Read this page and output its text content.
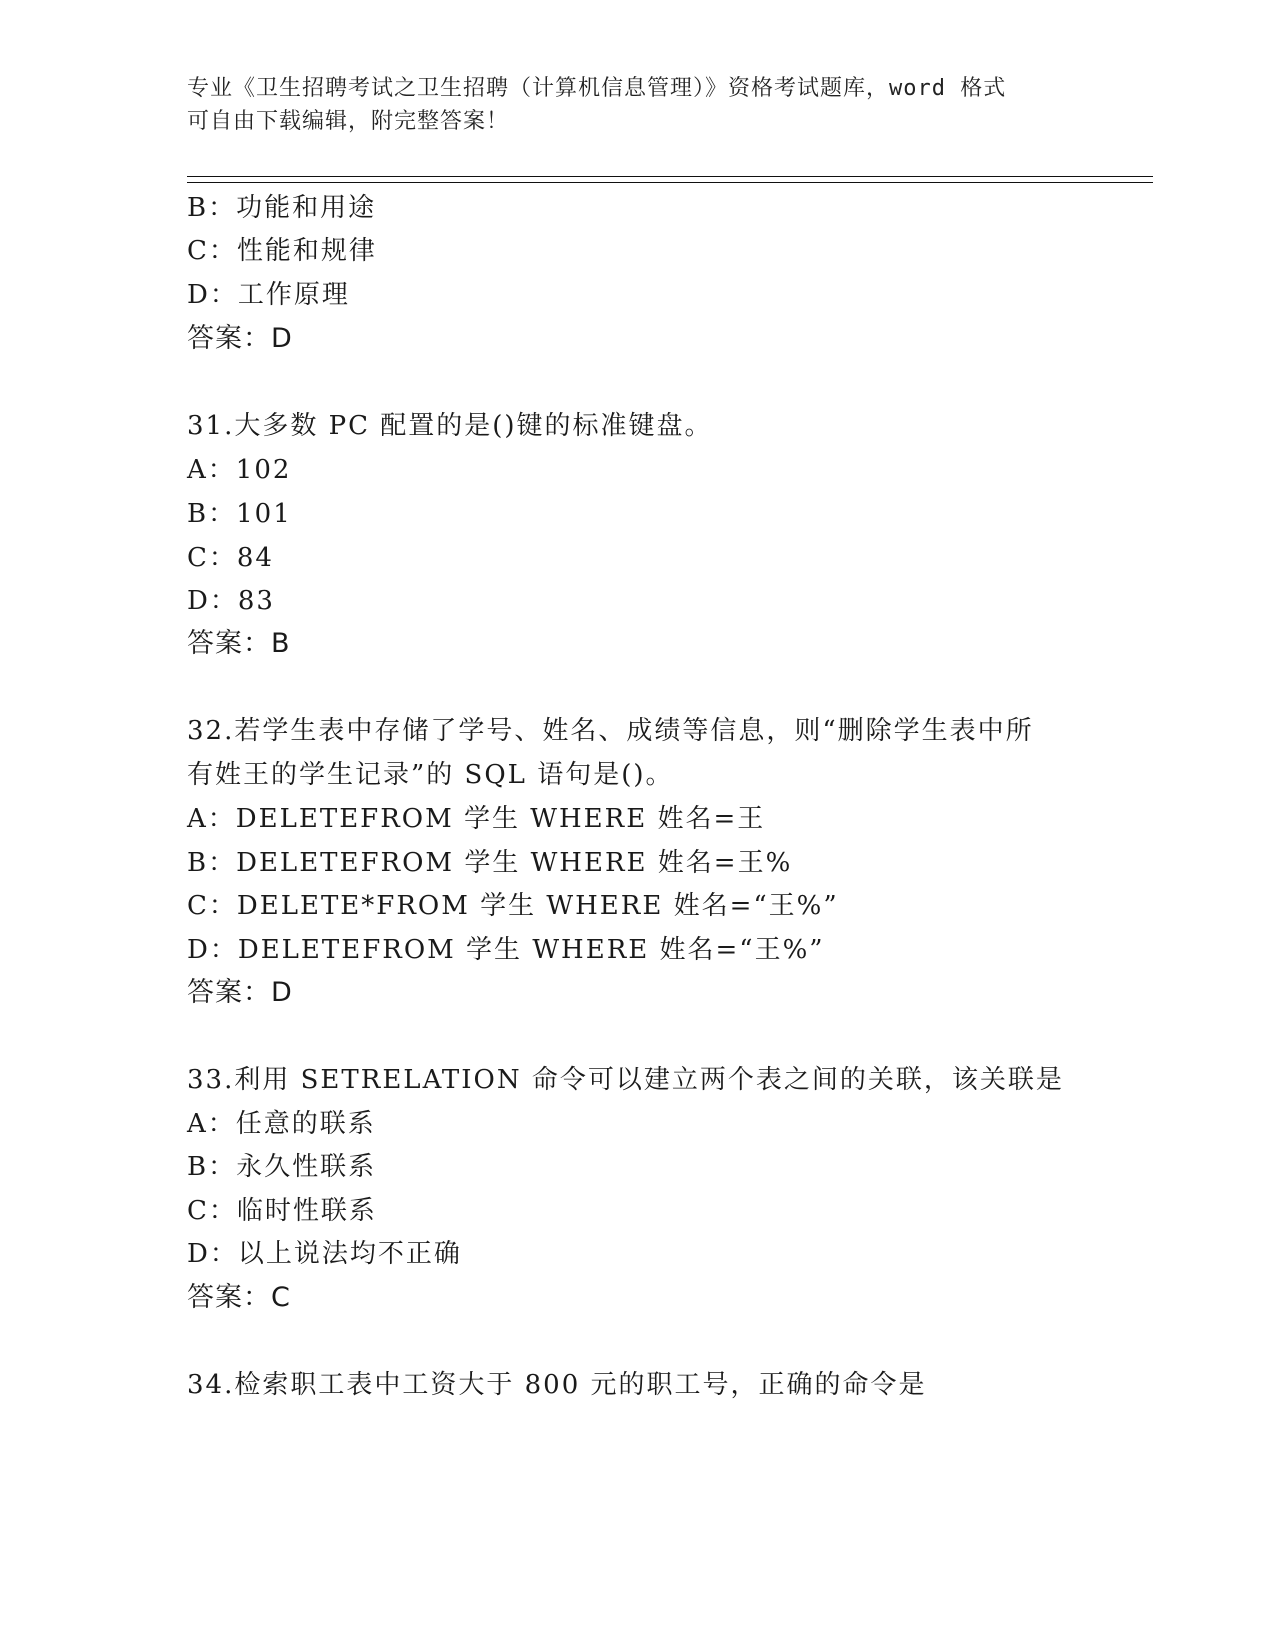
专业《卫生招聘考试之卫生招聘（计算机信息管理）》资格考试题库，word 格式
可自由下载编辑，附完整答案！
B：功能和用途
C：性能和规律
D：工作原理
答案：D
31.大多数 PC 配置的是()键的标准键盘。
A：102
B：101
C：84
D：83
答案：B
32.若学生表中存储了学号、姓名、成绩等信息，则“删除学生表中所
有姓王的学生记录”的 SQL 语句是()。
A：DELETEFROM 学生 WHERE 姓名=王
B：DELETEFROM 学生 WHERE 姓名=王%
C：DELETE*FROM 学生 WHERE 姓名=“王%”
D：DELETEFROM 学生 WHERE 姓名=“王%”
答案：D
33.利用 SETRELATION 命令可以建立两个表之间的关联，该关联是
A：任意的联系
B：永久性联系
C：临时性联系
D：以上说法均不正确
答案：C
34.检索职工表中工资大于 800 元的职工号，正确的命令是
